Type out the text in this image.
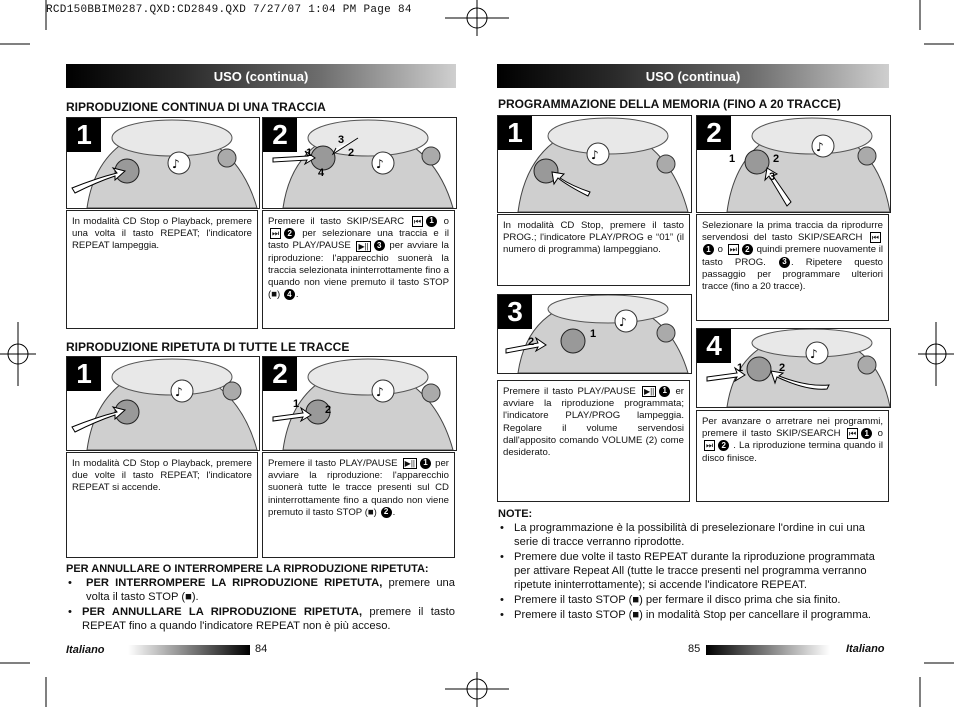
RCD150BBIM0287.QXD:CD2849.QXD 7/27/07 1:04 PM Page 84
USO (continua)
RIPRODUZIONE CONTINUA DI UNA TRACCIA
♪
1
♪
1	2
3
4
2
In modalità CD Stop o Playback, premere una volta il tasto REPEAT; l'indicatore REPEAT lampeggia.
Premere il tasto SKIP/SEARC ⏮ 1 o ⏭ 2 per selezionare una traccia e il tasto PLAY/PAUSE ▶|| 3 per avviare la riproduzione: l'apparecchio suonerà la traccia selezionata ininterrottamente fino a quando non viene premuto il tasto STOP (■) 4 .
RIPRODUZIONE RIPETUTA DI TUTTE LE TRACCE
♪
1
♪
1 2
2
In modalità CD Stop o Playback, premere due volte il tasto REPEAT; l'indicatore REPEAT si accende.
Premere il tasto PLAY/PAUSE ▶|| 1 per avviare la riproduzione: l'apparecchio suonerà tutte le tracce presenti sul CD ininterrottamente fino a quando non viene premuto il tasto STOP (■) 2 .
PER ANNULLARE O INTERROMPERE LA RIPRODUZIONE RIPETUTA:
• PER INTERROMPERE LA RIPRODUZIONE RIPETUTA, premere una volta il tasto STOP (■).
• PER ANNULLARE LA RIPRODUZIONE RIPETUTA, premere il tasto REPEAT fino a quando l'indicatore REPEAT non è più acceso.
Italiano	84
USO (continua)
PROGRAMMAZIONE DELLA MEMORIA (FINO A 20 TRACCE)
♪
1	♪
1	2
3
2
In modalità CD Stop, premere il tasto PROG.; l'indicatore PLAY/PROG e “01” (il numero di programma) lampeggiano.
Selezionare la prima traccia da riprodurre servendosi del tasto SKIP/SEARCH ⏮1 o ⏭ 2 quindi premere nuovamente il tasto PROG. 3 . Ripetere questo passaggio per programmare ulteriori tracce (fino a 20 tracce).
♪
2
1
3
♪
1	2
4
Premere il tasto PLAY/PAUSE ▶|| 1 er avviare la riproduzione programmata; l'indicatore PLAY/PROG lampeggia. Regolare il volume servendosi dall'apposito comando VOLUME (2) come desiderato.
Per avanzare o arretrare nei programmi, premere il tasto SKIP/SEARCH ⏮ 1 o ⏭ 2 . La riproduzione termina quando il disco finisce.
NOTE:
• La programmazione è la possibilità di preselezionare l'ordine in cui una serie di tracce verranno riprodotte.
• Premere due volte il tasto REPEAT durante la riproduzione programmata per attivare Repeat All (tutte le tracce presenti nel programma verranno ripetute ininterrottamente); si accende l'indicatore REPEAT.
• Premere il tasto STOP (■) per fermare il disco prima che sia finito.
• Premere il tasto STOP (■) in modalità Stop per cancellare il programma.
85	Italiano
